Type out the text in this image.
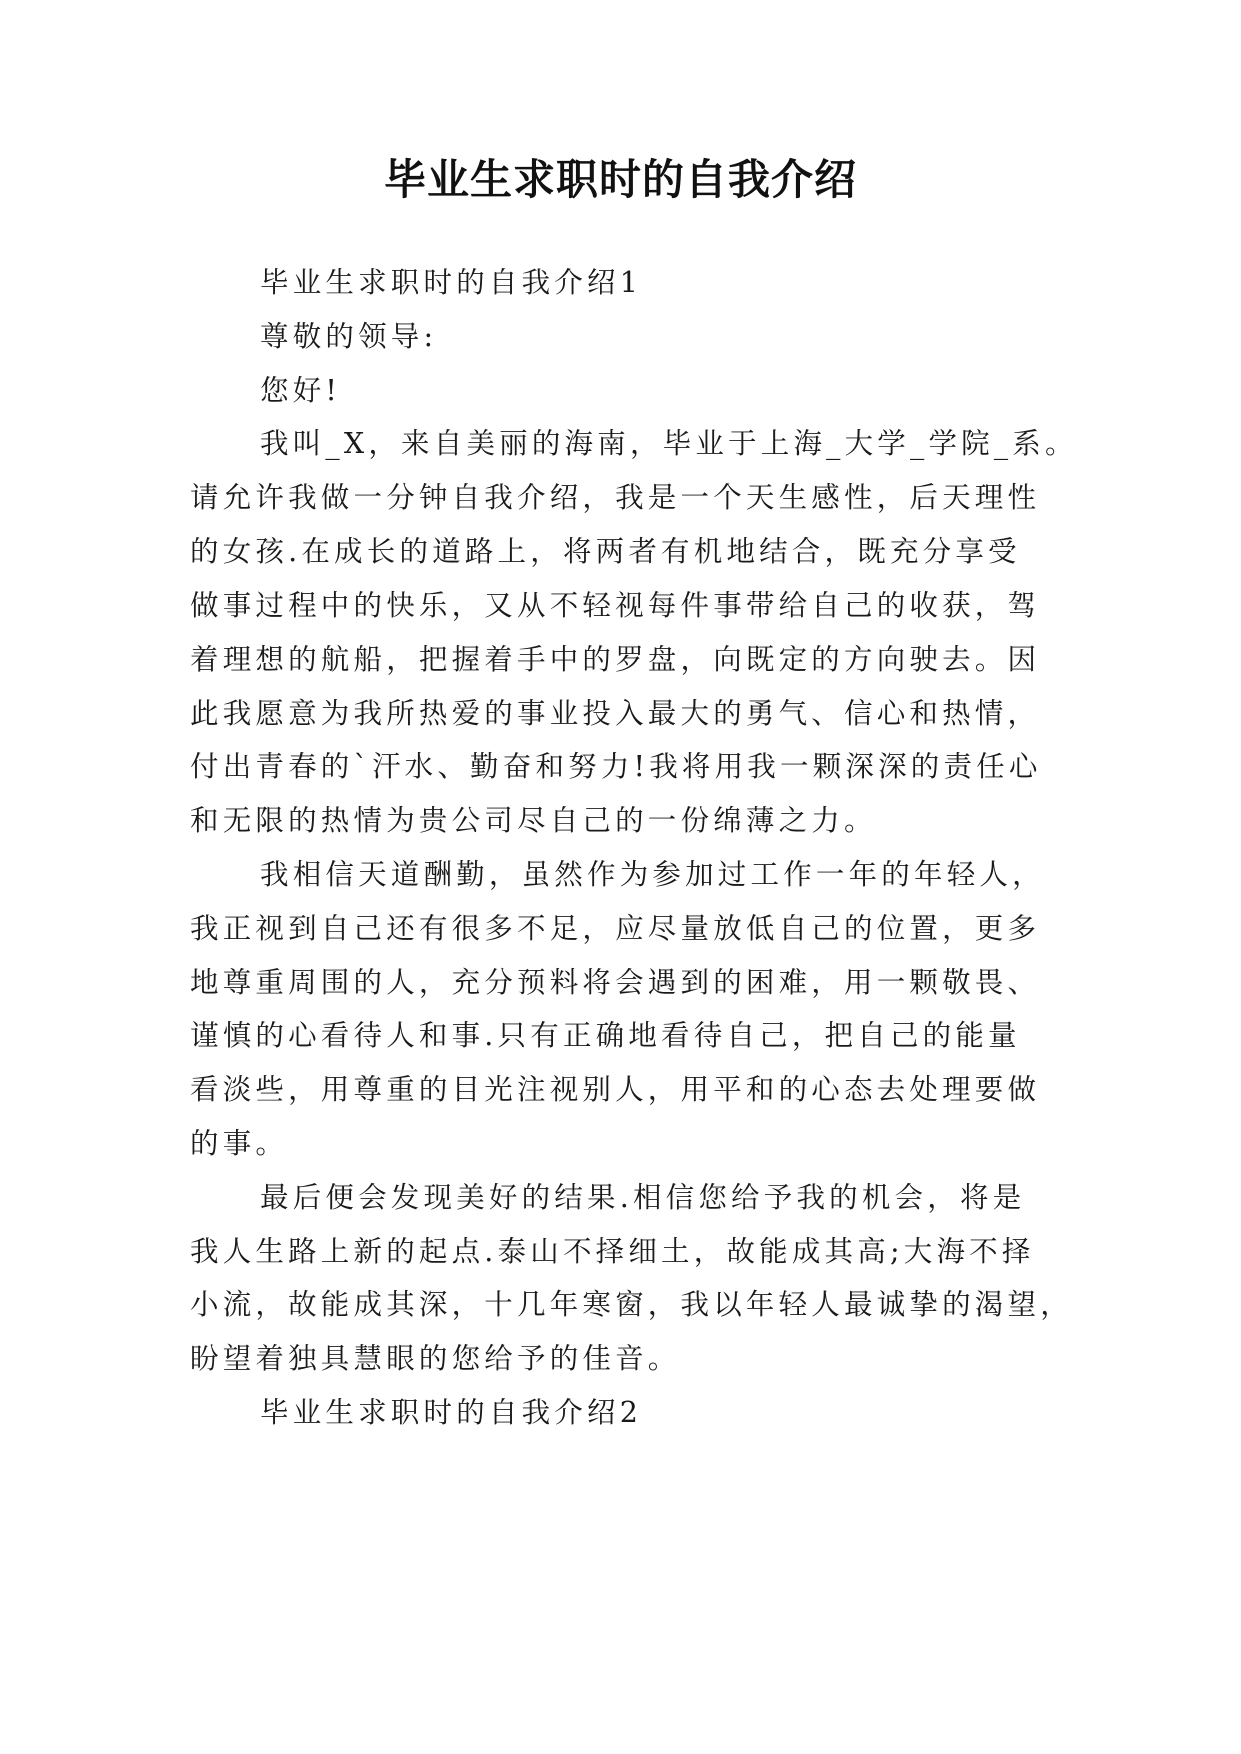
毕业生求职时的自我介绍
毕业生求职时的自我介绍1
尊敬的领导:
您好!
我叫_X，来自美丽的海南，毕业于上海_大学_学院_系。
请允许我做一分钟自我介绍，我是一个天生感性，后天理性
的女孩.在成长的道路上，将两者有机地结合，既充分享受
做事过程中的快乐，又从不轻视每件事带给自己的收获，驾
着理想的航船，把握着手中的罗盘，向既定的方向驶去。因
此我愿意为我所热爱的事业投入最大的勇气、信心和热情，
付出青春的`汗水、勤奋和努力!我将用我一颗深深的责任心
和无限的热情为贵公司尽自己的一份绵薄之力。
我相信天道酬勤，虽然作为参加过工作一年的年轻人，
我正视到自己还有很多不足，应尽量放低自己的位置，更多
地尊重周围的人，充分预料将会遇到的困难，用一颗敬畏、
谨慎的心看待人和事.只有正确地看待自己，把自己的能量
看淡些，用尊重的目光注视别人，用平和的心态去处理要做
的事。
最后便会发现美好的结果.相信您给予我的机会，将是
我人生路上新的起点.泰山不择细土，故能成其高;大海不择
小流，故能成其深，十几年寒窗，我以年轻人最诚挚的渴望，
盼望着独具慧眼的您给予的佳音。
毕业生求职时的自我介绍2
